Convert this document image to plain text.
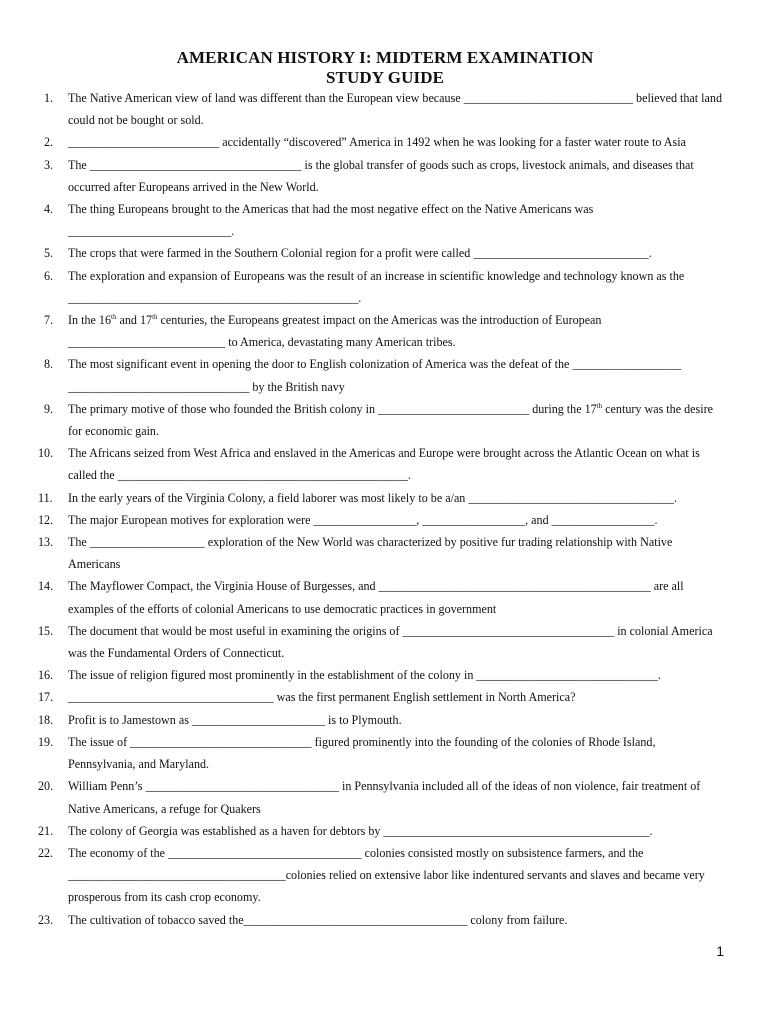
AMERICAN HISTORY I: MIDTERM EXAMINATION
STUDY GUIDE
1.	The Native American view of land was different than the European view because ____________________________ believed that land could not be bought or sold.
2.	_________________________ accidentally “discovered” America in 1492 when he was looking for a faster water route to Asia
3.	The ___________________________________ is the global transfer of goods such as crops, livestock animals, and diseases that occurred after Europeans arrived in the New World.
4.	The thing Europeans brought to the Americas that had the most negative effect on the Native Americans was ___________________________.
5.	The crops that were farmed in the Southern Colonial region for a profit were called _____________________________.
6.	The exploration and expansion of Europeans was the result of an increase in scientific knowledge and technology known as the ________________________________________________.
7.	In the 16th and 17th centuries, the Europeans greatest impact on the Americas was the introduction of European __________________________ to America, devastating many American tribes.
8.	The most significant event in opening the door to English colonization of America was the defeat of the __________________ ______________________________ by the British navy
9.	The primary motive of those who founded the British colony in _________________________ during the 17th century was the desire for economic gain.
10.	The Africans seized from West Africa and enslaved in the Americas and Europe were brought across the Atlantic Ocean on what is called the ________________________________________________.
11.	In the early years of the Virginia Colony, a field laborer was most likely to be a/an __________________________________.
12.	The major European motives for exploration were _________________, _________________, and _________________.
13.	The ___________________ exploration of the New World was characterized by positive fur trading relationship with Native Americans
14.	The Mayflower Compact, the Virginia House of Burgesses, and _____________________________________________ are all examples of the efforts of colonial Americans to use democratic practices in government
15.	The document that would be most useful in examining the origins of ___________________________________ in colonial America was the Fundamental Orders of Connecticut.
16.	The issue of religion figured most prominently in the establishment of the colony in ______________________________.
17.	__________________________________ was the first permanent English settlement in North America?
18.	Profit is to Jamestown as ______________________ is to Plymouth.
19.	The issue of ______________________________ figured prominently into the founding of the colonies of Rhode Island, Pennsylvania, and Maryland.
20.	William Penn’s ________________________________ in Pennsylvania included all of the ideas of non violence, fair treatment of Native Americans, a refuge for Quakers
21.	The colony of Georgia was established as a haven for debtors by ____________________________________________.
22.	The economy of the ________________________________ colonies consisted mostly on subsistence farmers, and the ____________________________________colonies relied on extensive labor like indentured servants and slaves and became very prosperous from its cash crop economy.
23.	The cultivation of tobacco saved the_____________________________________ colony from failure.
1
